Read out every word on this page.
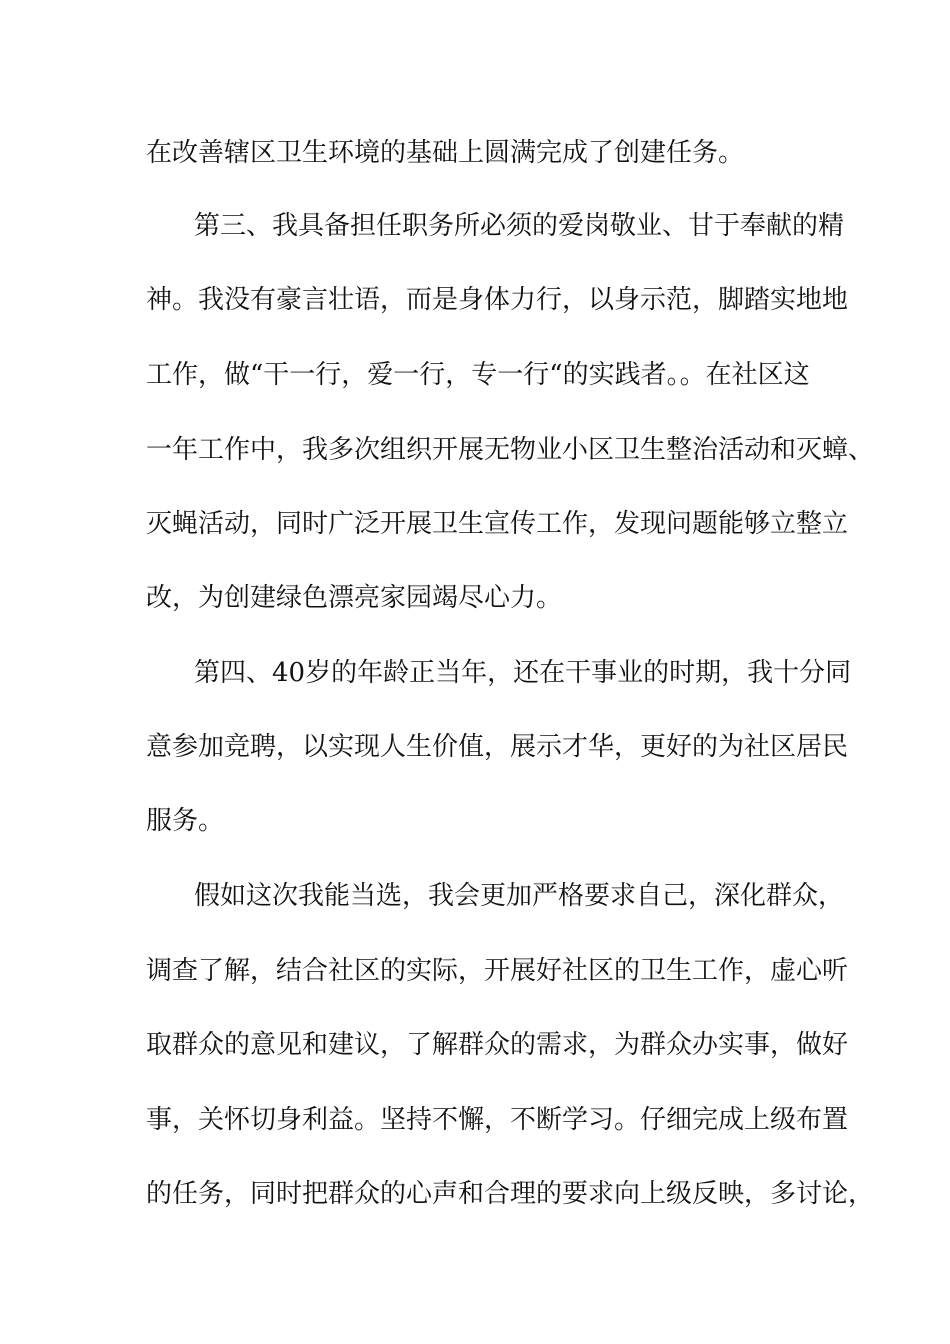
在改善辖区卫生环境的基础上圆满完成了创建任务。
第三、我具备担任职务所必须的爱岗敬业、甘于奉献的精
神。我没有豪言壮语，而是身体力行，以身示范，脚踏实地地
工作，做“干一行，爱一行，专一行“的实践者。。在社区这
一年工作中，我多次组织开展无物业小区卫生整治活动和灭蟑、
灭蝇活动，同时广泛开展卫生宣传工作，发现问题能够立整立
改，为创建绿色漂亮家园竭尽心力。
第四、40岁的年龄正当年，还在干事业的时期，我十分同
意参加竞聘，以实现人生价值，展示才华，更好的为社区居民
服务。
假如这次我能当选，我会更加严格要求自己，深化群众，
调查了解，结合社区的实际，开展好社区的卫生工作，虚心听
取群众的意见和建议，了解群众的需求，为群众办实事，做好
事，关怀切身利益。坚持不懈，不断学习。仔细完成上级布置
的任务，同时把群众的心声和合理的要求向上级反映，多讨论，
